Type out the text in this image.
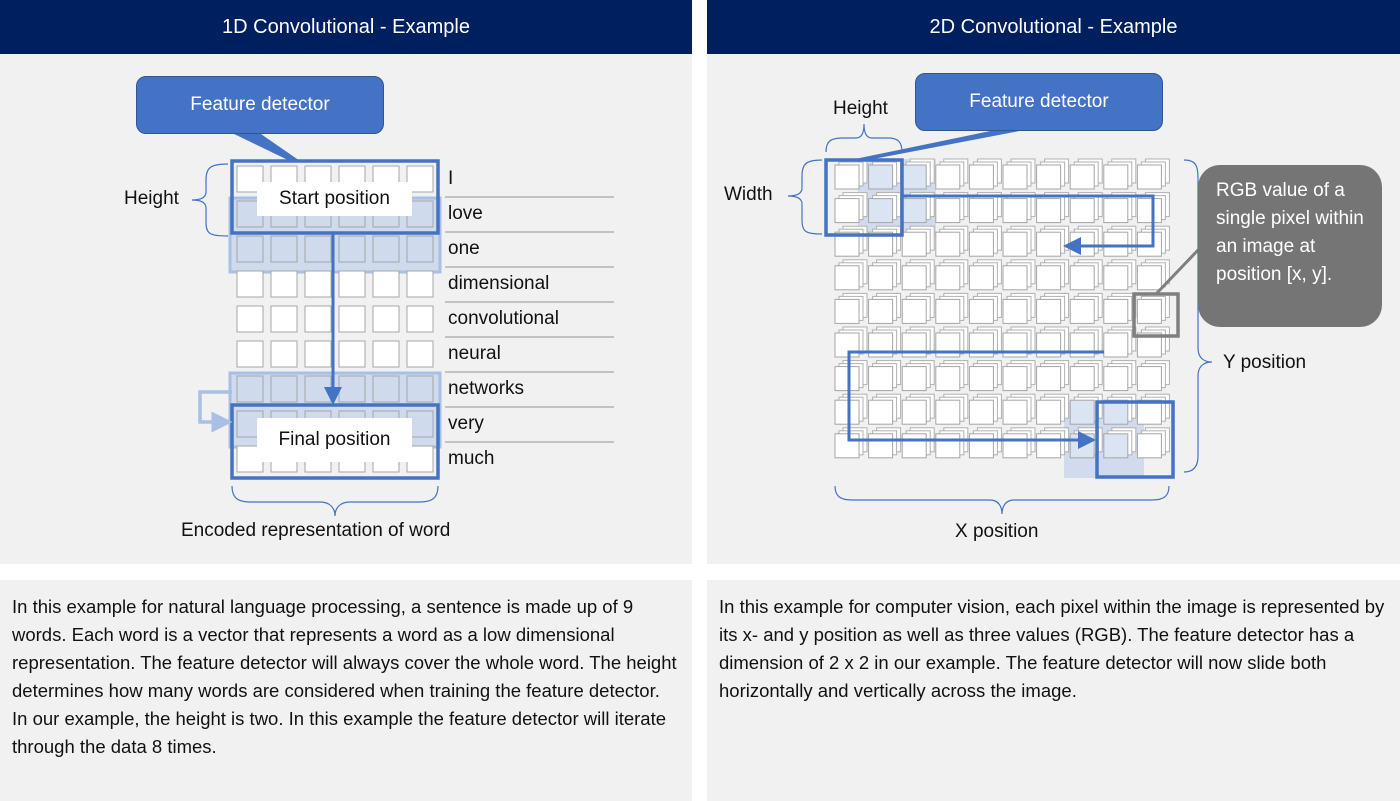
1D Convolutional - Example
Feature detector
Height	Start position
Final position
I
love
one
dimensional
convolutional
neural
networks
very
much
Encoded representation of word
In this example for natural language processing, a sentence is made up of 9 words. Each word is a vector that represents a word as a low dimensional representation. The feature detector will always cover the whole word. The height determines how many words are considered when training the feature detector. In our example, the height is two. In this example the feature detector will iterate through the data 8 times.
2D Convolutional - Example
Feature detector
Height
Width	RGB value of a single pixel within an image at position [x, y].
Y position
X position
In this example for computer vision, each pixel within the image is represented by its x- and y position as well as three values (RGB). The feature detector has a dimension of 2 x 2 in our example. The feature detector will now slide both horizontally and vertically across the image.
